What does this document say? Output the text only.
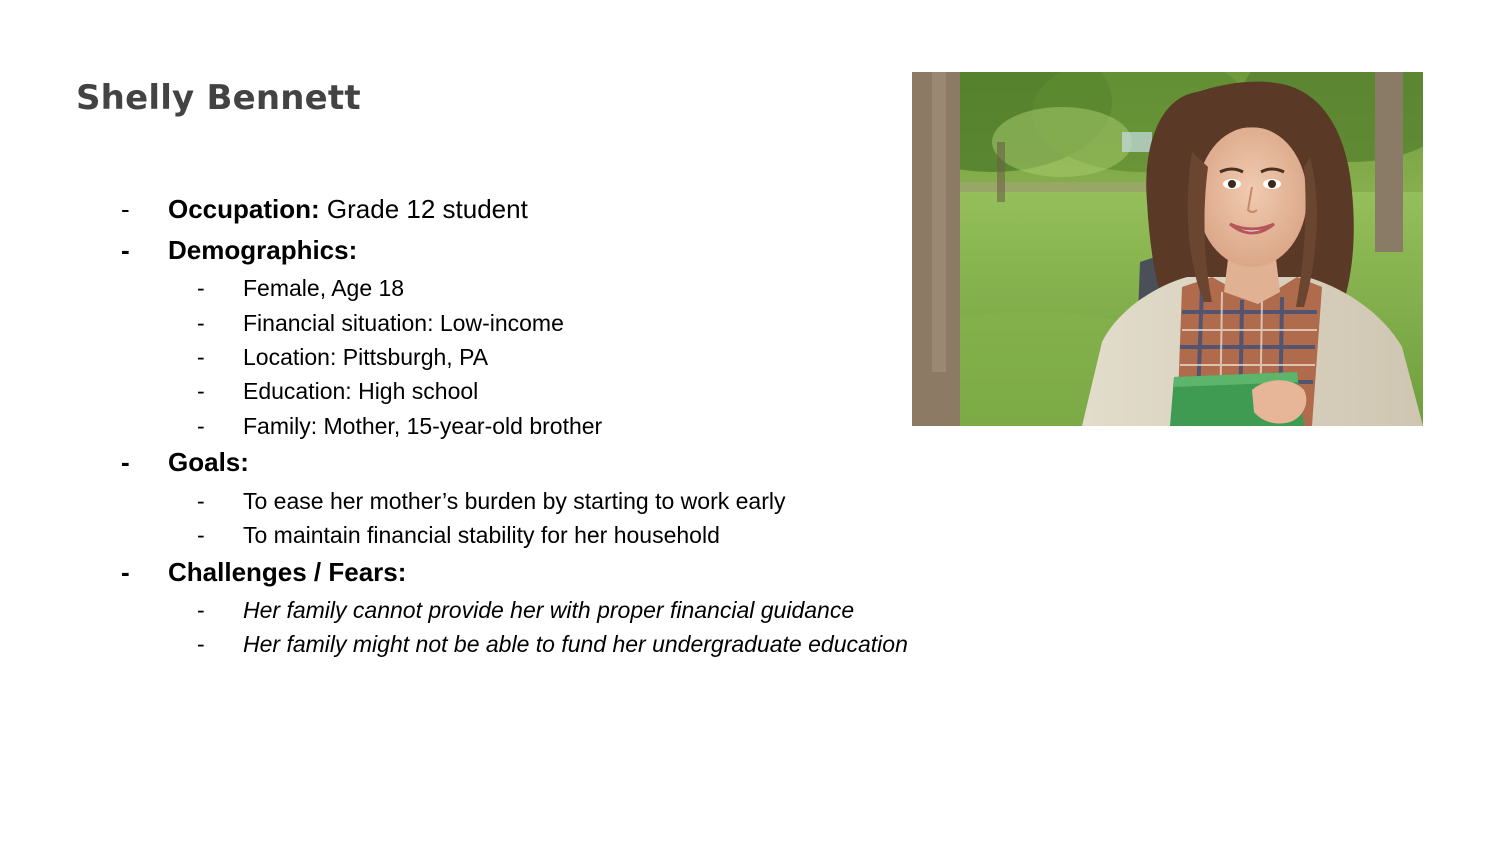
Shelly Bennett
- Occupation: Grade 12 student
- Demographics:
- Female, Age 18
- Financial situation: Low-income
- Location: Pittsburgh, PA
- Education: High school
- Family: Mother, 15-year-old brother
- Goals:
- To ease her mother’s burden by starting to work early
- To maintain financial stability for her household
- Challenges / Fears:
- Her family cannot provide her with proper financial guidance
- Her family might not be able to fund her undergraduate education
